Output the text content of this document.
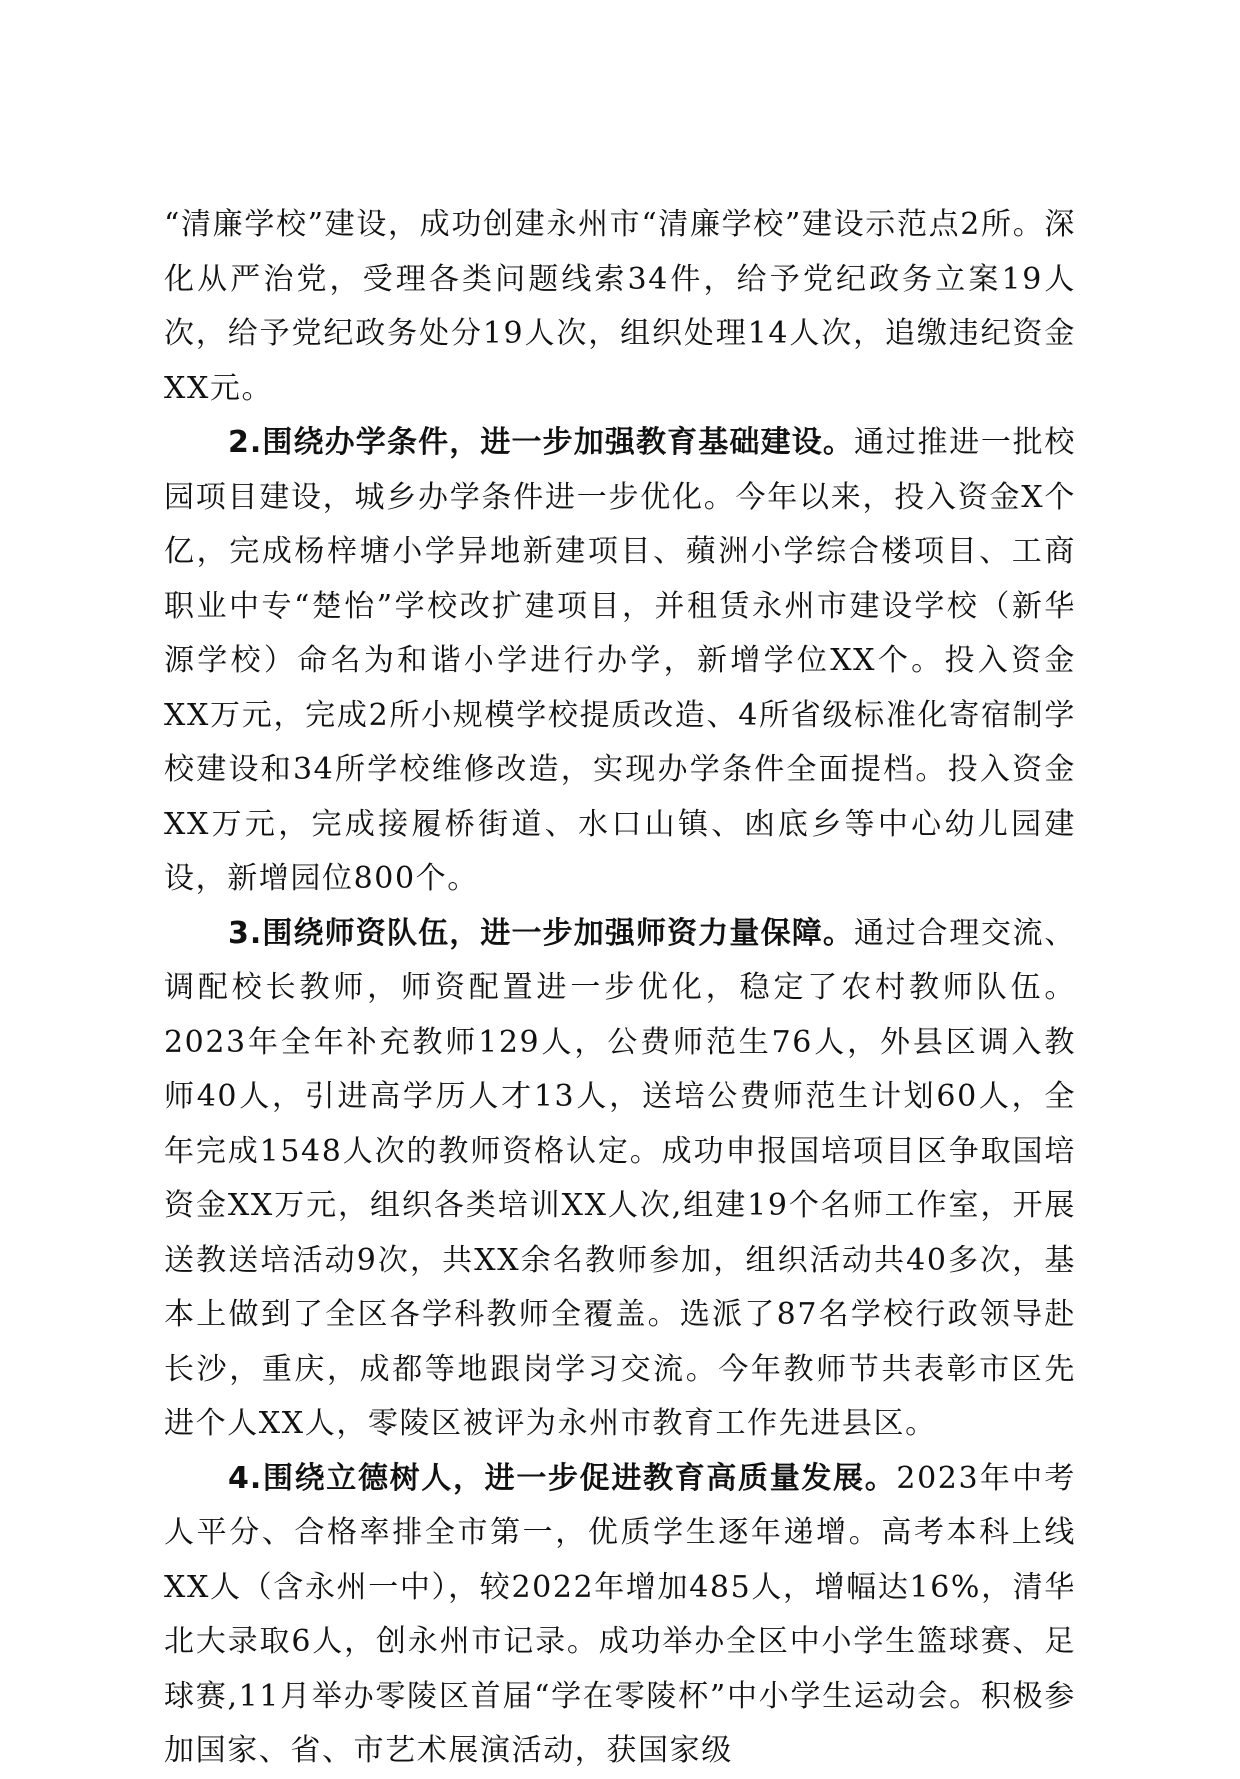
“清廉学校”建设，成功创建永州市“清廉学校”建设示范点2所。深化从严治党，受理各类问题线索34件，给予党纪政务立案19人次，给予党纪政务处分19人次，组织处理14人次，追缴违纪资金XX元。

2.围绕办学条件，进一步加强教育基础建设。通过推进一批校园项目建设，城乡办学条件进一步优化。今年以来，投入资金X个亿，完成杨梓塘小学异地新建项目、蘋洲小学综合楼项目、工商职业中专“楚怡”学校改扩建项目，并租赁永州市建设学校（新华源学校）命名为和谐小学进行办学，新增学位XX个。投入资金XX万元，完成2所小规模学校提质改造、4所省级标准化寄宿制学校建设和34所学校维修改造，实现办学条件全面提档。投入资金XX万元，完成接履桥街道、水口山镇、凼底乡等中心幼儿园建设，新增园位800个。

3.围绕师资队伍，进一步加强师资力量保障。通过合理交流、调配校长教师，师资配置进一步优化，稳定了农村教师队伍。2023年全年补充教师129人，公费师范生76人，外县区调入教师40人，引进高学历人才13人，送培公费师范生计划60人，全年完成1548人次的教师资格认定。成功申报国培项目区争取国培资金XX万元，组织各类培训XX人次,组建19个名师工作室，开展送教送培活动9次，共XX余名教师参加，组织活动共40多次，基本上做到了全区各学科教师全覆盖。选派了87名学校行政领导赴长沙，重庆，成都等地跟岗学习交流。今年教师节共表彰市区先进个人XX人，零陵区被评为永州市教育工作先进县区。

4.围绕立德树人，进一步促进教育高质量发展。2023年中考人平分、合格率排全市第一，优质学生逐年递增。高考本科上线XX人（含永州一中），较2022年增加485人，增幅达16%，清华北大录取6人，创永州市记录。成功举办全区中小学生篮球赛、足球赛,11月举办零陵区首届“学在零陵杯”中小学生运动会。积极参加国家、省、市艺术展演活动，获国家级
